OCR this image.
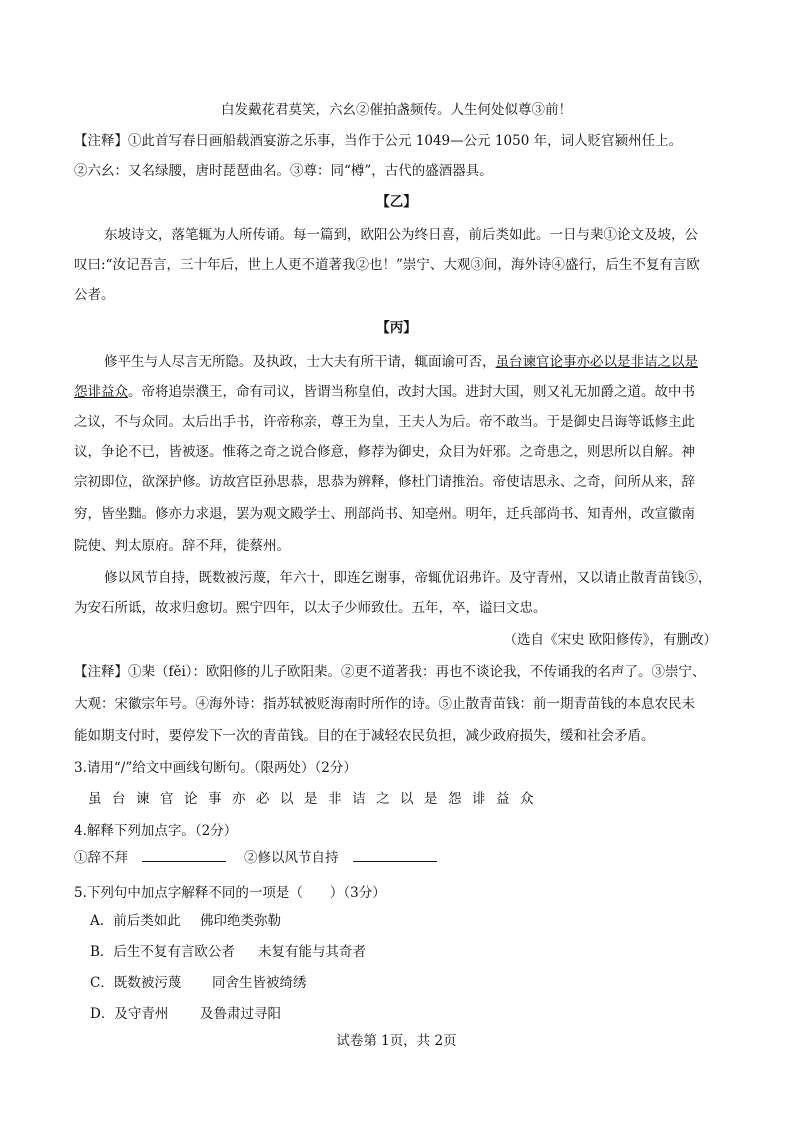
白发戴花君莫笑，六幺②催拍盏频传。人生何处似尊③前！
【注释】①此首写春日画船载酒宴游之乐事，当作于公元 1049—公元 1050 年，词人贬官颍州任上。
②六幺：又名绿腰，唐时琵琶曲名。③尊：同“樽”，古代的盛酒器具。
【乙】
东坡诗文，落笔辄为人所传诵。每一篇到，欧阳公为终日喜，前后类如此。一日与棐①论文及坡，公
叹曰:“汝记吾言，三十年后，世上人更不道著我②也！”崇宁、大观③间，海外诗④盛行，后生不复有言欧
公者。
【丙】
修平生与人尽言无所隐。及执政，士大夫有所干请，辄面谕可否，虽台谏官论事亦必以是非诘之以是
怨诽益众。帝将追崇濮王，命有司议，皆谓当称皇伯，改封大国。进封大国，则又礼无加爵之道。故中书
之议，不与众同。太后出手书，许帝称亲，尊王为皇，王夫人为后。帝不敢当。于是御史吕诲等诋修主此
议，争论不已，皆被逐。惟蒋之奇之说合修意，修荐为御史，众目为奸邪。之奇患之，则思所以自解。神
宗初即位，欲深护修。访故宫臣孙思恭，思恭为辨释，修杜门请推治。帝使诘思永、之奇，问所从来，辞
穷，皆坐黜。修亦力求退，罢为观文殿学士、刑部尚书、知亳州。明年，迁兵部尚书、知青州，改宣徽南
院使、判太原府。辞不拜，徙蔡州。
修以风节自持，既数被污蔑，年六十，即连乞谢事，帝辄优诏弗许。及守青州，又以请止散青苗钱⑤，
为安石所诋，故求归愈切。熙宁四年，以太子少师致仕。五年，卒，谥曰文忠。
（选自《宋史 欧阳修传》，有删改）
【注释】①棐（fěi）：欧阳修的儿子欧阳棐。②更不道著我：再也不谈论我，不传诵我的名声了。③崇宁、
大观：宋徽宗年号。④海外诗：指苏轼被贬海南时所作的诗。⑤止散青苗钱：前一期青苗钱的本息农民未
能如期支付时，要停发下一次的青苗钱。目的在于减轻农民负担，减少政府损失，缓和社会矛盾。
3.请用“/”给文中画线句断句。（限两处）（2分）
虽台谏官论事亦必以是非诘之以是怨诽益众
4.解释下列加点字。（2分）
①辞不拜	②修以风节自持
5.下列句中加点字解释不同的一项是（　　）（3分）
A．前后类如此 佛印绝类弥勒
B．后生不复有言欧公者 未复有能与其奇者
C．既数被污蔑 同舍生皆被绮绣
D．及守青州 及鲁肃过寻阳
试卷第 1页，共 2页
